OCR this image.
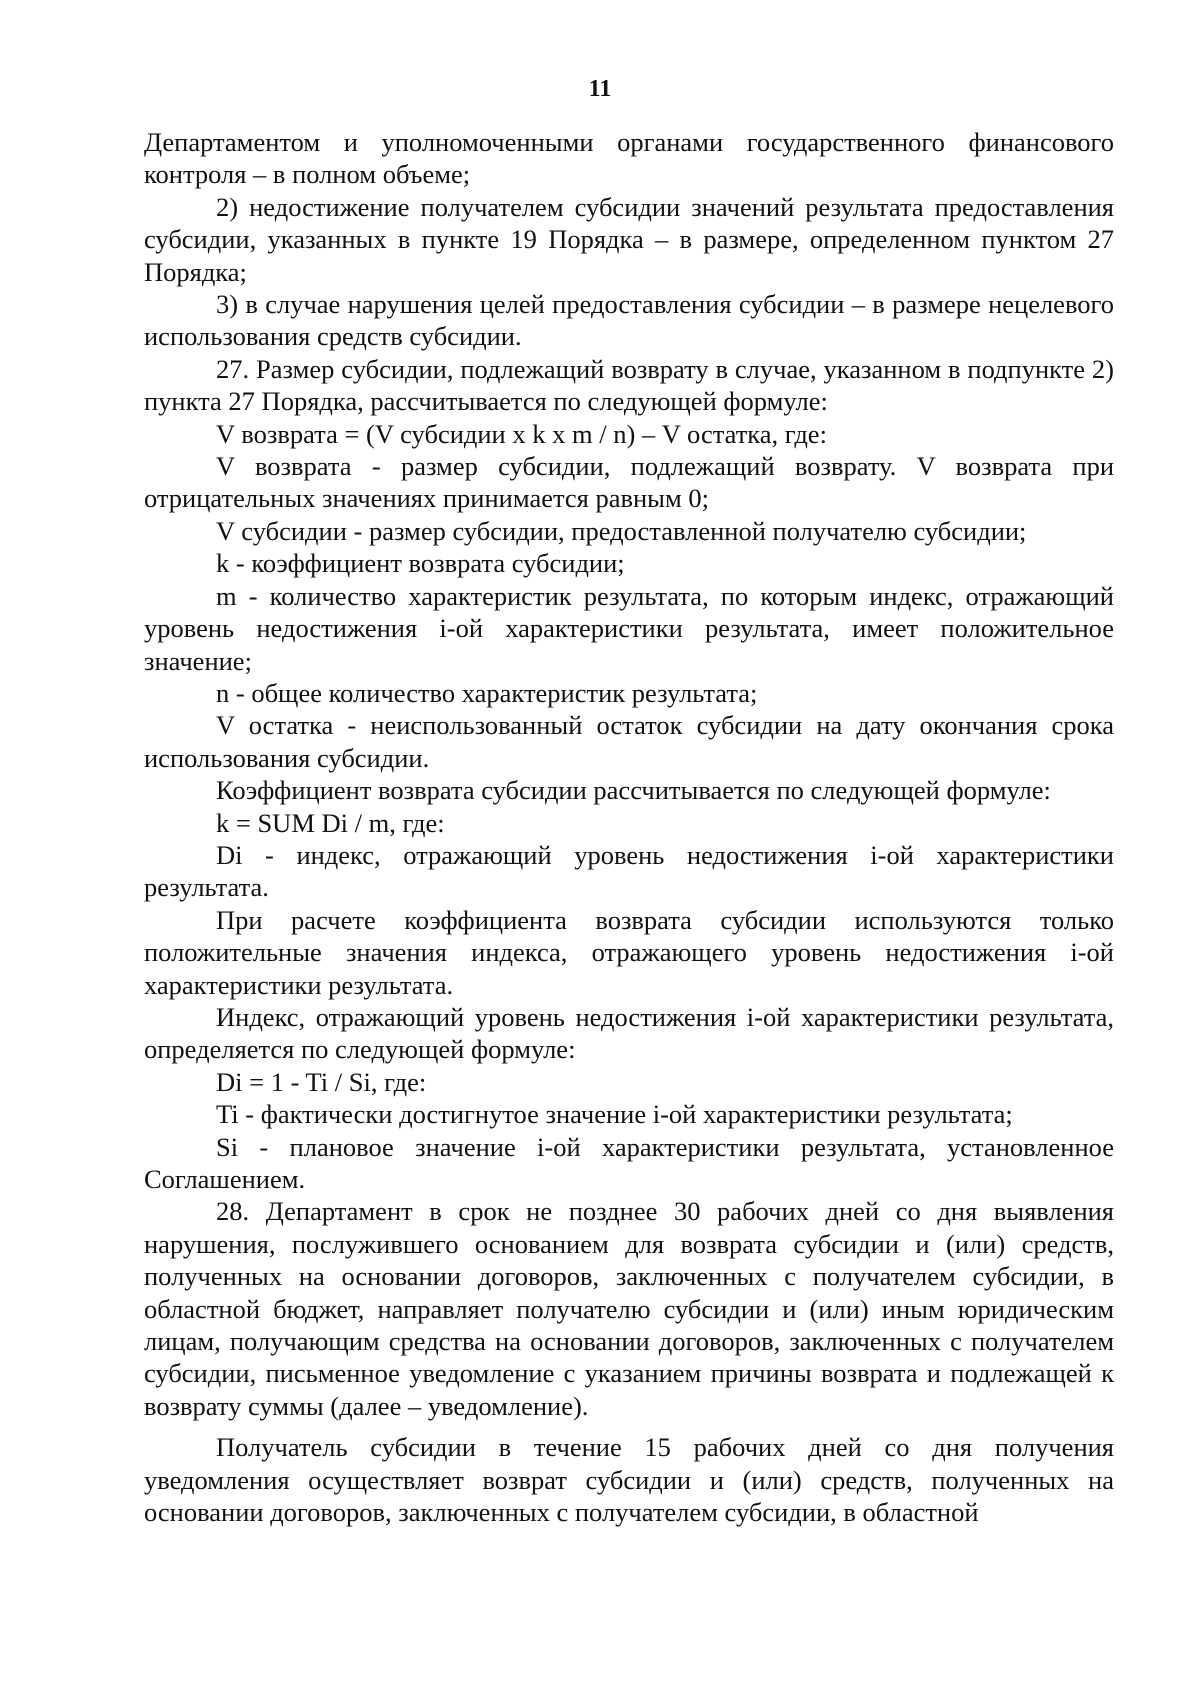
11

Департаментом и уполномоченными органами государственного финансового контроля – в полном объеме;

2) недостижение получателем субсидии значений результата предоставления субсидии, указанных в пункте 19 Порядка – в размере, определенном пунктом 27 Порядка;

3) в случае нарушения целей предоставления субсидии – в размере нецелевого использования средств субсидии.

27. Размер субсидии, подлежащий возврату в случае, указанном в подпункте 2) пункта 27 Порядка, рассчитывается по следующей формуле:

V возврата = (V субсидии x k x m / n) – V остатка, где:

V возврата - размер субсидии, подлежащий возврату. V возврата при отрицательных значениях принимается равным 0;

V субсидии - размер субсидии, предоставленной получателю субсидии;

k - коэффициент возврата субсидии;

m - количество характеристик результата, по которым индекс, отражающий уровень недостижения i-ой характеристики результата, имеет положительное значение;

n - общее количество характеристик результата;

V остатка - неиспользованный остаток субсидии на дату окончания срока использования субсидии.

Коэффициент возврата субсидии рассчитывается по следующей формуле:

k = SUM Di / m, где:

Di - индекс, отражающий уровень недостижения i-ой характеристики результата.

При расчете коэффициента возврата субсидии используются только положительные значения индекса, отражающего уровень недостижения i-ой характеристики результата.

Индекс, отражающий уровень недостижения i-ой характеристики результата, определяется по следующей формуле:

Di = 1 - Ti / Si, где:

Ti - фактически достигнутое значение i-ой характеристики результата;

Si - плановое значение i-ой характеристики результата, установленное Соглашением.

28. Департамент в срок не позднее 30 рабочих дней со дня выявления нарушения, послужившего основанием для возврата субсидии и (или) средств, полученных на основании договоров, заключенных с получателем субсидии, в областной бюджет, направляет получателю субсидии и (или) иным юридическим лицам, получающим средства на основании договоров, заключенных с получателем субсидии, письменное уведомление с указанием причины возврата и подлежащей к возврату суммы (далее – уведомление).

Получатель субсидии в течение 15 рабочих дней со дня получения уведомления осуществляет возврат субсидии и (или) средств, полученных на основании договоров, заключенных с получателем субсидии, в областной
